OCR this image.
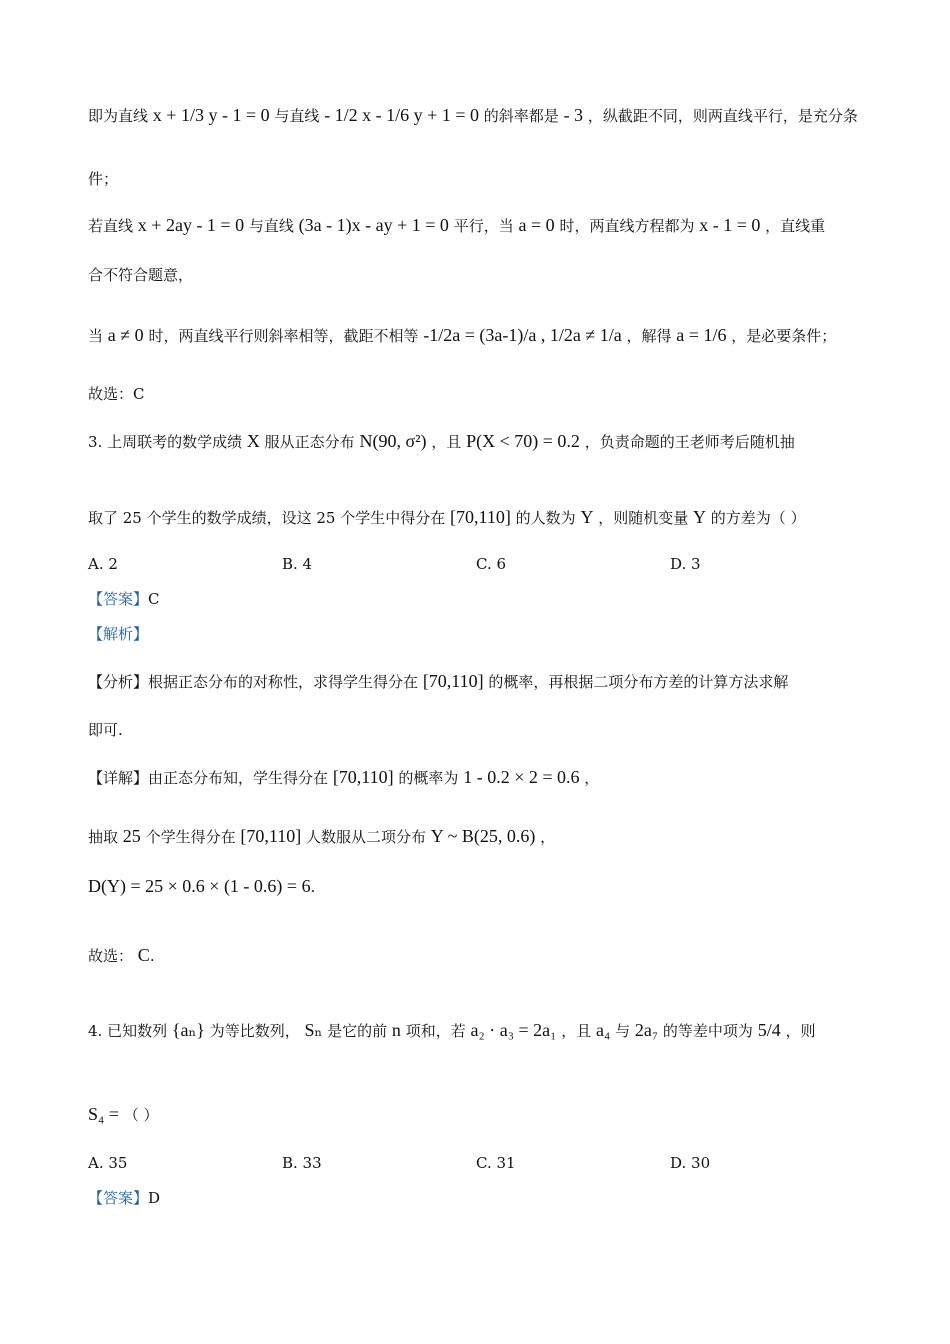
即为直线 x + 1/3 y - 1 = 0 与直线 - 1/2 x - 1/6 y + 1 = 0 的斜率都是 - 3 ，纵截距不同，则两直线平行，是充分条
件；
若直线 x + 2ay - 1 = 0 与直线 (3a - 1)x - ay + 1 = 0 平行，当 a = 0 时，两直线方程都为 x - 1 = 0 ，直线重
合不符合题意，
当 a ≠ 0 时，两直线平行则斜率相等，截距不相等 -1/2a = (3a-1)/a , 1/2a ≠ 1/a ，解得 a = 1/6 ，是必要条件；
故选：C
3. 上周联考的数学成绩 X 服从正态分布 N(90, σ²) ，且 P(X < 70) = 0.2 ，负责命题的王老师考后随机抽
取了 25 个学生的数学成绩，设这 25 个学生中得分在 [70,110] 的人数为 Y ，则随机变量 Y 的方差为（ ）
A. 2	B. 4	C. 6	D. 3
【答案】C
【解析】
【分析】根据正态分布的对称性，求得学生得分在 [70,110] 的概率，再根据二项分布方差的计算方法求解
即可.
【详解】由正态分布知，学生得分在 [70,110] 的概率为 1 - 0.2 × 2 = 0.6 ，
抽取 25 个学生得分在 [70,110] 人数服从二项分布 Y ~ B(25, 0.6) ，
D(Y) = 25 × 0.6 × (1 - 0.6) = 6.
故选： C.
4. 已知数列 {aₙ} 为等比数列， Sₙ 是它的前 n 项和，若 a₂ · a₃ = 2a₁ ，且 a₄ 与 2a₇ 的等差中项为 5/4 ，则
S₄ = （ ）
A. 35	B. 33	C. 31	D. 30
【答案】D
